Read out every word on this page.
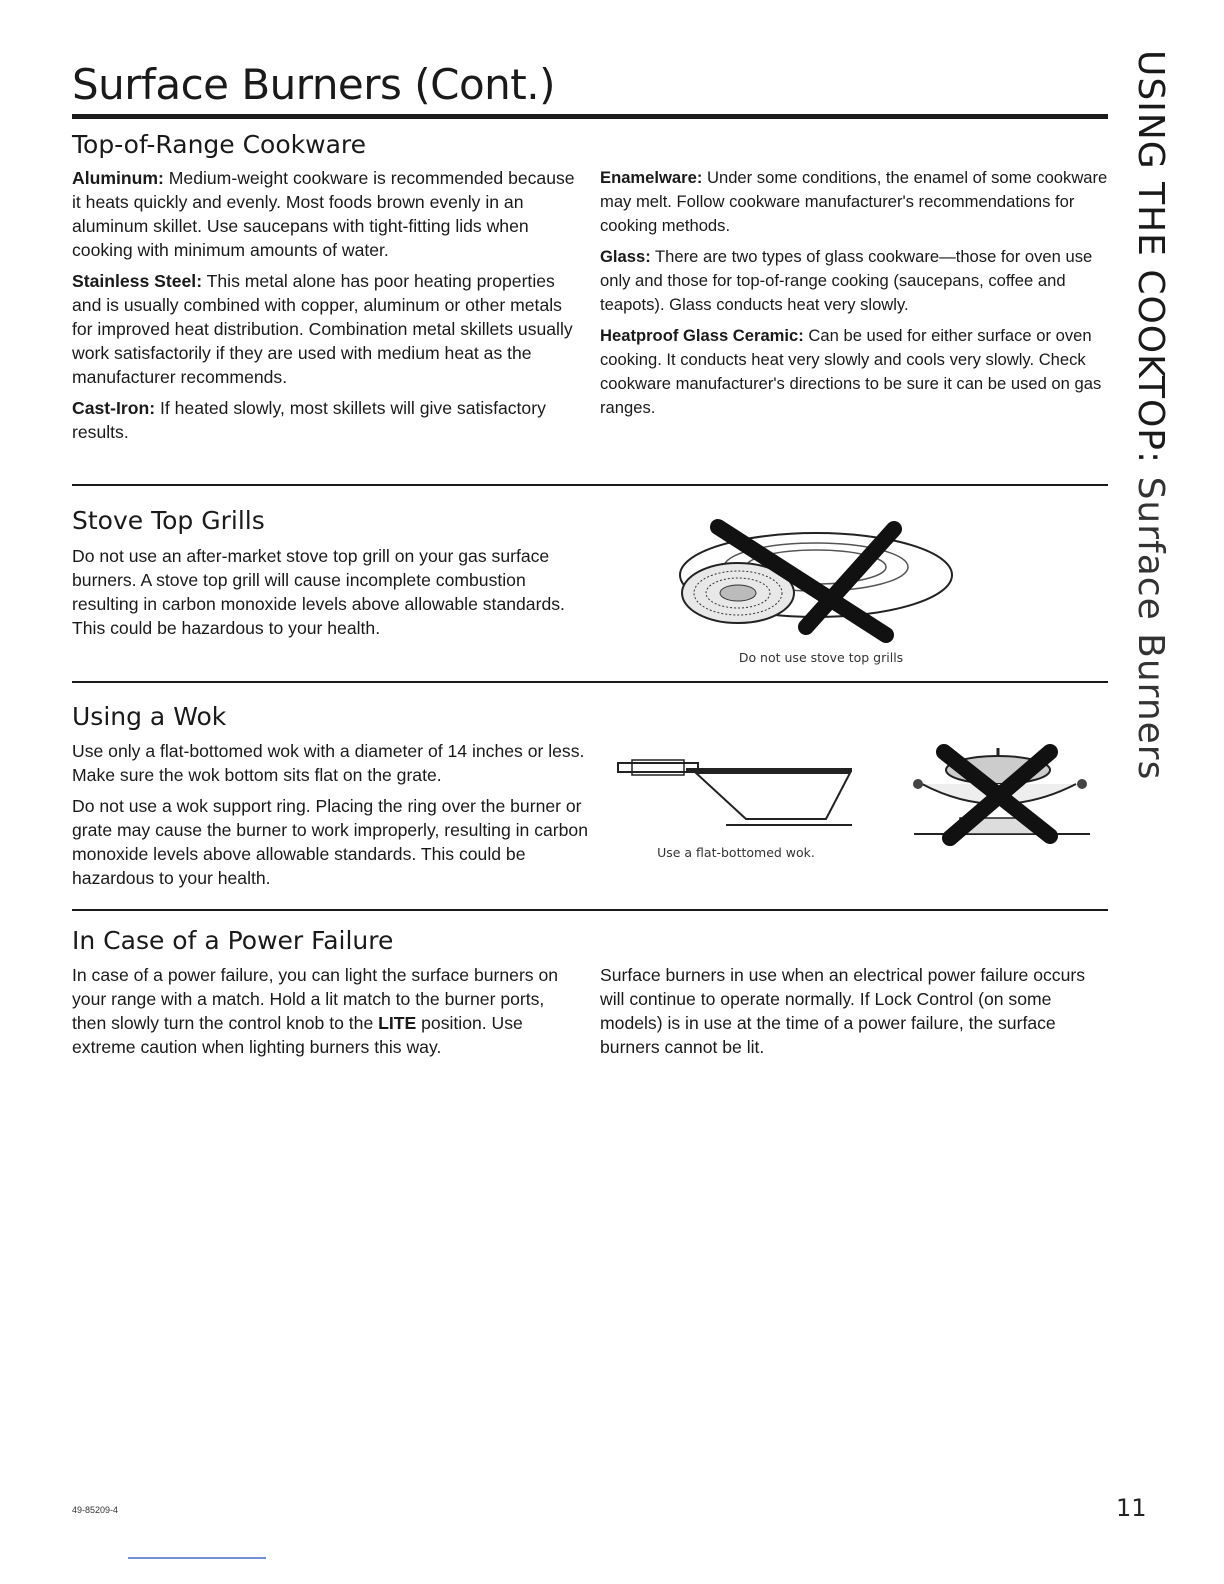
Surface Burners (Cont.)	USING THE COOKTOP: Surface Burners
Top-of-Range Cookware

Aluminum: Medium-weight cookware is recommended because it heats quickly and evenly. Most foods brown evenly in an aluminum skillet. Use saucepans with tight-fitting lids when cooking with minimum amounts of water.

Stainless Steel: This metal alone has poor heating properties and is usually combined with copper, aluminum or other metals for improved heat distribution. Combination metal skillets usually work satisfactorily if they are used with medium heat as the manufacturer recommends.

Cast-Iron: If heated slowly, most skillets will give satisfactory results.

Enamelware: Under some conditions, the enamel of some cookware may melt. Follow cookware manufacturer's recommendations for cooking methods.

Glass: There are two types of glass cookware—those for oven use only and those for top-of-range cooking (saucepans, coffee and teapots). Glass conducts heat very slowly.

Heatproof Glass Ceramic: Can be used for either surface or oven cooking. It conducts heat very slowly and cools very slowly. Check cookware manufacturer's directions to be sure it can be used on gas ranges.

Stove Top Grills

Do not use an after-market stove top grill on your gas surface burners. A stove top grill will cause incomplete combustion resulting in carbon monoxide levels above allowable standards. This could be hazardous to your health.

Do not use stove top grills
Using a Wok

Use only a flat-bottomed wok with a diameter of 14 inches or less. Make sure the wok bottom sits flat on the grate.

Do not use a wok support ring. Placing the ring over the burner or grate may cause the burner to work improperly, resulting in carbon monoxide levels above allowable standards. This could be hazardous to your health.

Use a flat-bottomed wok.
In Case of a Power Failure

In case of a power failure, you can light the surface burners on your range with a match. Hold a lit match to the burner ports, then slowly turn the control knob to the LITE position. Use extreme caution when lighting burners this way.

Surface burners in use when an electrical power failure occurs will continue to operate normally. If Lock Control (on some models) is in use at the time of a power failure, the surface burners cannot be lit.

49-85209-4	11
